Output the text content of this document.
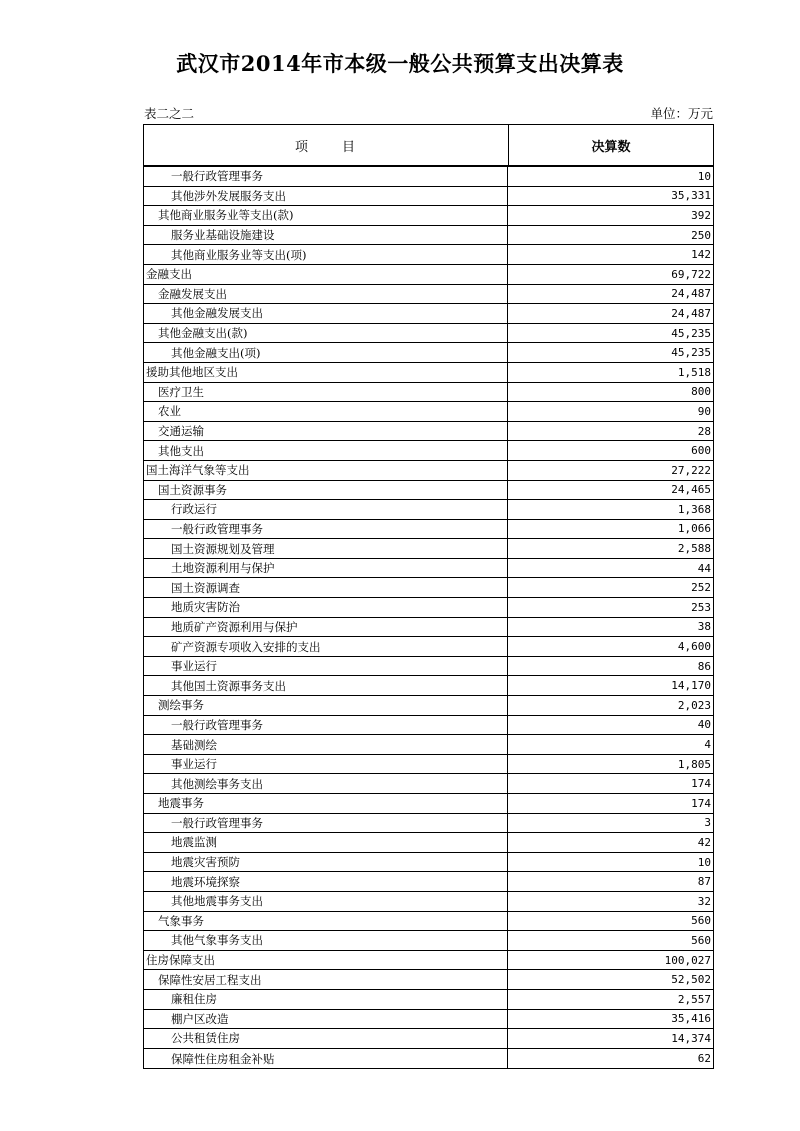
武汉市2014年市本级一般公共预算支出决算表
表二之二	单位：万元
项 目	决算数
一般行政管理事务	10
其他涉外发展服务支出	35,331
其他商业服务业等支出(款)	392
服务业基础设施建设	250
其他商业服务业等支出(项)	142
金融支出	69,722
金融发展支出	24,487
其他金融发展支出	24,487
其他金融支出(款)	45,235
其他金融支出(项)	45,235
援助其他地区支出	1,518
医疗卫生	800
农业	90
交通运输	28
其他支出	600
国土海洋气象等支出	27,222
国土资源事务	24,465
行政运行	1,368
一般行政管理事务	1,066
国土资源规划及管理	2,588
土地资源利用与保护	44
国土资源调查	252
地质灾害防治	253
地质矿产资源利用与保护	38
矿产资源专项收入安排的支出	4,600
事业运行	86
其他国土资源事务支出	14,170
测绘事务	2,023
一般行政管理事务	40
基础测绘	4
事业运行	1,805
其他测绘事务支出	174
地震事务	174
一般行政管理事务	3
地震监测	42
地震灾害预防	10
地震环境探察	87
其他地震事务支出	32
气象事务	560
其他气象事务支出	560
住房保障支出	100,027
保障性安居工程支出	52,502
廉租住房	2,557
棚户区改造	35,416
公共租赁住房	14,374
保障性住房租金补贴	62
